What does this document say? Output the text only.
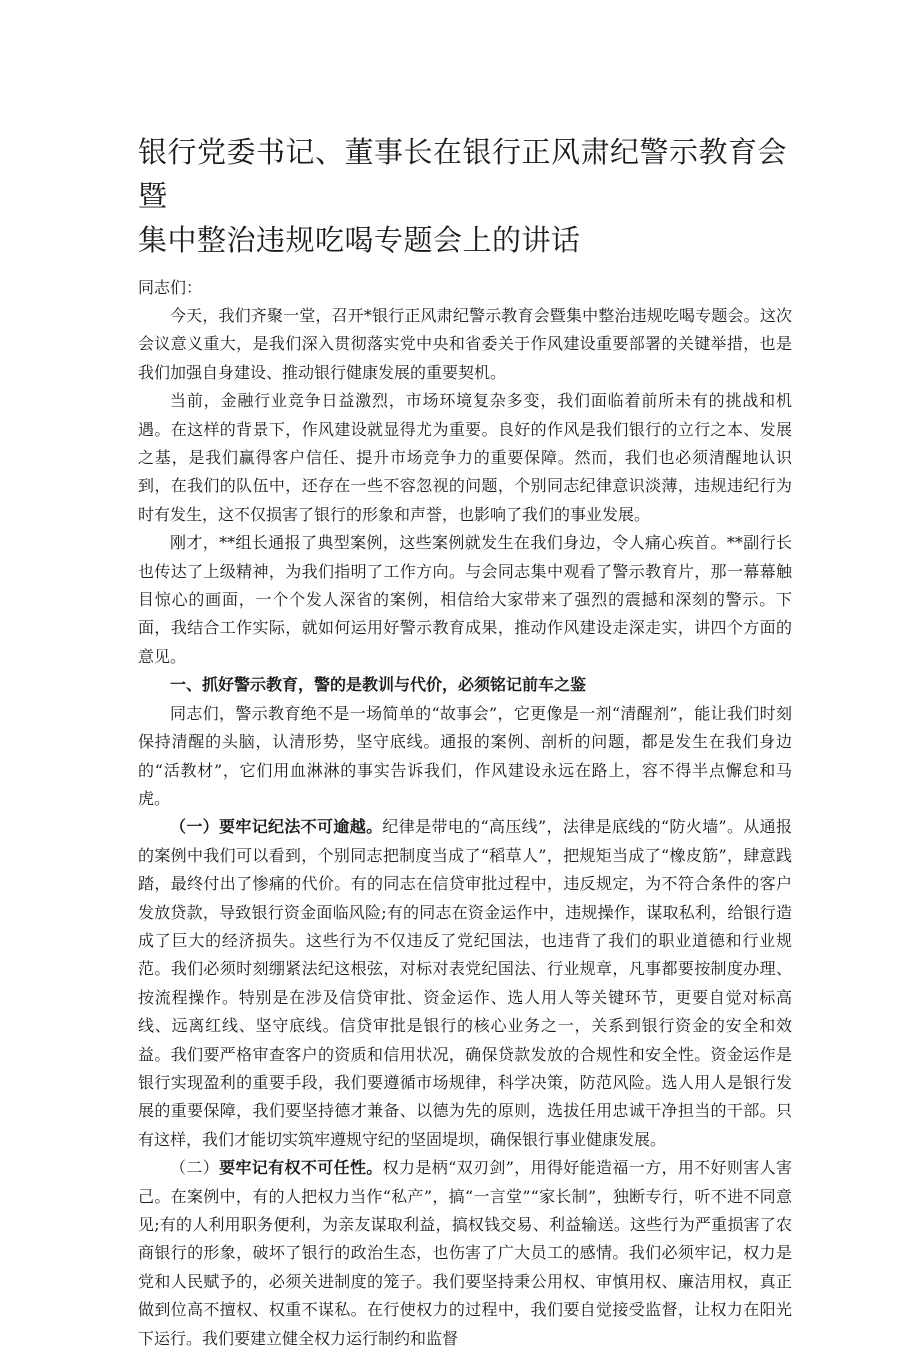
银行党委书记、董事长在银行正风肃纪警示教育会暨
集中整治违规吃喝专题会上的讲话

同志们：

今天，我们齐聚一堂，召开*银行正风肃纪警示教育会暨集中整治违规吃喝专题会。这次会议意义重大，是我们深入贯彻落实党中央和省委关于作风建设重要部署的关键举措，也是我们加强自身建设、推动银行健康发展的重要契机。

当前，金融行业竞争日益激烈，市场环境复杂多变，我们面临着前所未有的挑战和机遇。在这样的背景下，作风建设就显得尤为重要。良好的作风是我们银行的立行之本、发展之基，是我们赢得客户信任、提升市场竞争力的重要保障。然而，我们也必须清醒地认识到，在我们的队伍中，还存在一些不容忽视的问题，个别同志纪律意识淡薄，违规违纪行为时有发生，这不仅损害了银行的形象和声誉，也影响了我们的事业发展。

刚才，**组长通报了典型案例，这些案例就发生在我们身边，令人痛心疾首。**副行长也传达了上级精神，为我们指明了工作方向。与会同志集中观看了警示教育片，那一幕幕触目惊心的画面，一个个发人深省的案例，相信给大家带来了强烈的震撼和深刻的警示。下面，我结合工作实际，就如何运用好警示教育成果，推动作风建设走深走实，讲四个方面的意见。

一、抓好警示教育，警的是教训与代价，必须铭记前车之鉴

同志们，警示教育绝不是一场简单的“故事会”，它更像是一剂“清醒剂”，能让我们时刻保持清醒的头脑，认清形势，坚守底线。通报的案例、剖析的问题，都是发生在我们身边的“活教材”，它们用血淋淋的事实告诉我们，作风建设永远在路上，容不得半点懈怠和马虎。

（一）要牢记纪法不可逾越。纪律是带电的“高压线”，法律是底线的“防火墙”。从通报的案例中我们可以看到，个别同志把制度当成了“稻草人”，把规矩当成了“橡皮筋”，肆意践踏，最终付出了惨痛的代价。有的同志在信贷审批过程中，违反规定，为不符合条件的客户发放贷款，导致银行资金面临风险;有的同志在资金运作中，违规操作，谋取私利，给银行造成了巨大的经济损失。这些行为不仅违反了党纪国法，也违背了我们的职业道德和行业规范。我们必须时刻绷紧法纪这根弦，对标对表党纪国法、行业规章，凡事都要按制度办理、按流程操作。特别是在涉及信贷审批、资金运作、选人用人等关键环节，更要自觉对标高线、远离红线、坚守底线。信贷审批是银行的核心业务之一，关系到银行资金的安全和效益。我们要严格审查客户的资质和信用状况，确保贷款发放的合规性和安全性。资金运作是银行实现盈利的重要手段，我们要遵循市场规律，科学决策，防范风险。选人用人是银行发展的重要保障，我们要坚持德才兼备、以德为先的原则，选拔任用忠诚干净担当的干部。只有这样，我们才能切实筑牢遵规守纪的坚固堤坝，确保银行事业健康发展。

（二）要牢记有权不可任性。权力是柄“双刃剑”，用得好能造福一方，用不好则害人害己。在案例中，有的人把权力当作“私产”，搞“一言堂”“家长制”，独断专行，听不进不同意见;有的人利用职务便利，为亲友谋取利益，搞权钱交易、利益输送。这些行为严重损害了农商银行的形象，破坏了银行的政治生态，也伤害了广大员工的感情。我们必须牢记，权力是党和人民赋予的，必须关进制度的笼子。我们要坚持秉公用权、审慎用权、廉洁用权，真正做到位高不擅权、权重不谋私。在行使权力的过程中，我们要自觉接受监督，让权力在阳光下运行。我们要建立健全权力运行制约和监督
